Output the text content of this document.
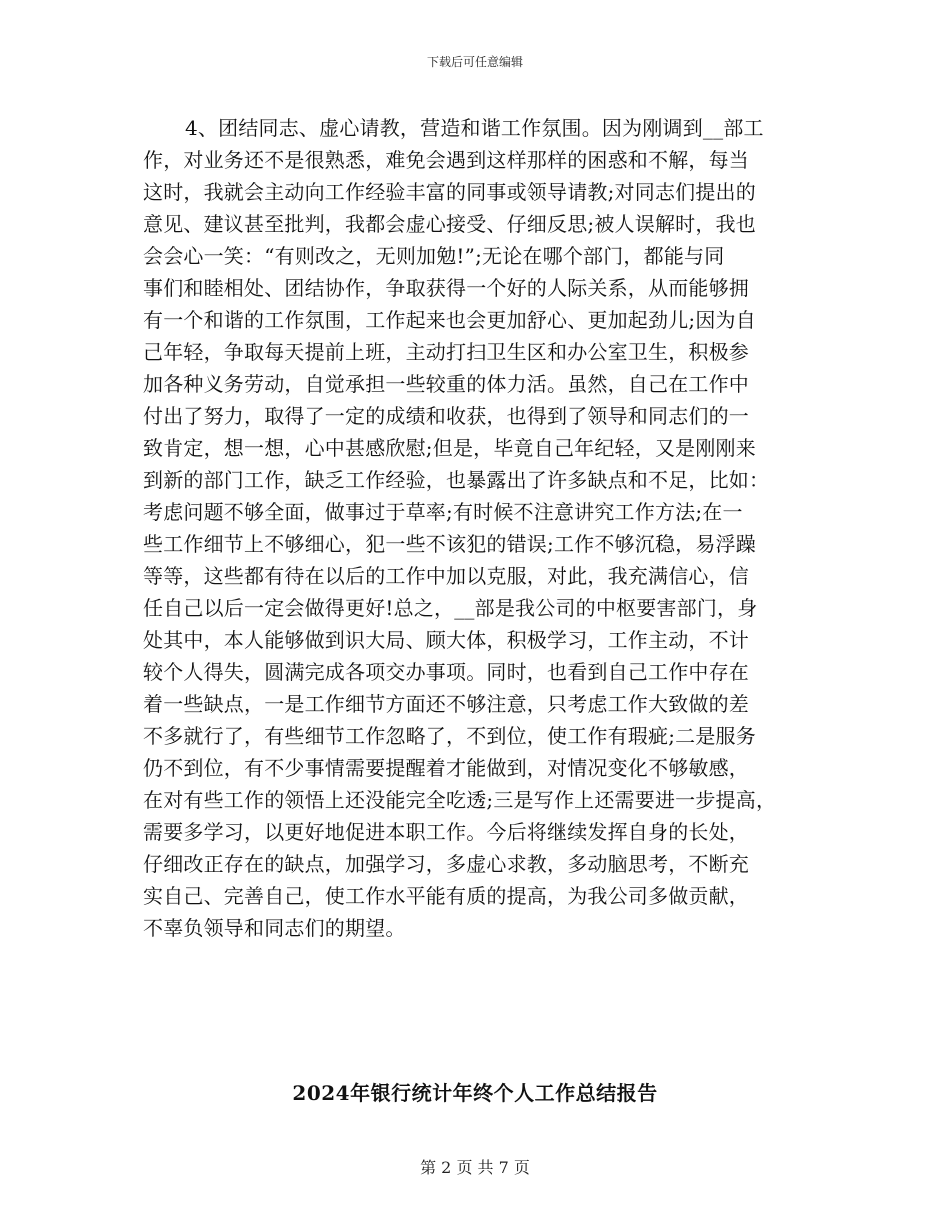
下载后可任意编辑
4、团结同志、虚心请教，营造和谐工作氛围。因为刚调到__部工
作，对业务还不是很熟悉，难免会遇到这样那样的困惑和不解，每当
这时，我就会主动向工作经验丰富的同事或领导请教;对同志们提出的
意见、建议甚至批判，我都会虚心接受、仔细反思;被人误解时，我也
会会心一笑：“有则改之，无则加勉!”;无论在哪个部门，都能与同
事们和睦相处、团结协作，争取获得一个好的人际关系，从而能够拥
有一个和谐的工作氛围，工作起来也会更加舒心、更加起劲儿;因为自
己年轻，争取每天提前上班，主动打扫卫生区和办公室卫生，积极参
加各种义务劳动，自觉承担一些较重的体力活。虽然，自己在工作中
付出了努力，取得了一定的成绩和收获，也得到了领导和同志们的一
致肯定，想一想，心中甚感欣慰;但是，毕竟自己年纪轻，又是刚刚来
到新的部门工作，缺乏工作经验，也暴露出了许多缺点和不足，比如：
考虑问题不够全面，做事过于草率;有时候不注意讲究工作方法;在一
些工作细节上不够细心，犯一些不该犯的错误;工作不够沉稳，易浮躁
等等，这些都有待在以后的工作中加以克服，对此，我充满信心，信
任自己以后一定会做得更好!总之，__部是我公司的中枢要害部门，身
处其中，本人能够做到识大局、顾大体，积极学习，工作主动，不计
较个人得失，圆满完成各项交办事项。同时，也看到自己工作中存在
着一些缺点，一是工作细节方面还不够注意，只考虑工作大致做的差
不多就行了，有些细节工作忽略了，不到位，使工作有瑕疵;二是服务
仍不到位，有不少事情需要提醒着才能做到，对情况变化不够敏感，
在对有些工作的领悟上还没能完全吃透;三是写作上还需要进一步提高，
需要多学习，以更好地促进本职工作。今后将继续发挥自身的长处，
仔细改正存在的缺点，加强学习，多虚心求教，多动脑思考，不断充
实自己、完善自己，使工作水平能有质的提高，为我公司多做贡献，
不辜负领导和同志们的期望。
2024年银行统计年终个人工作总结报告
第 2 页 共 7 页
